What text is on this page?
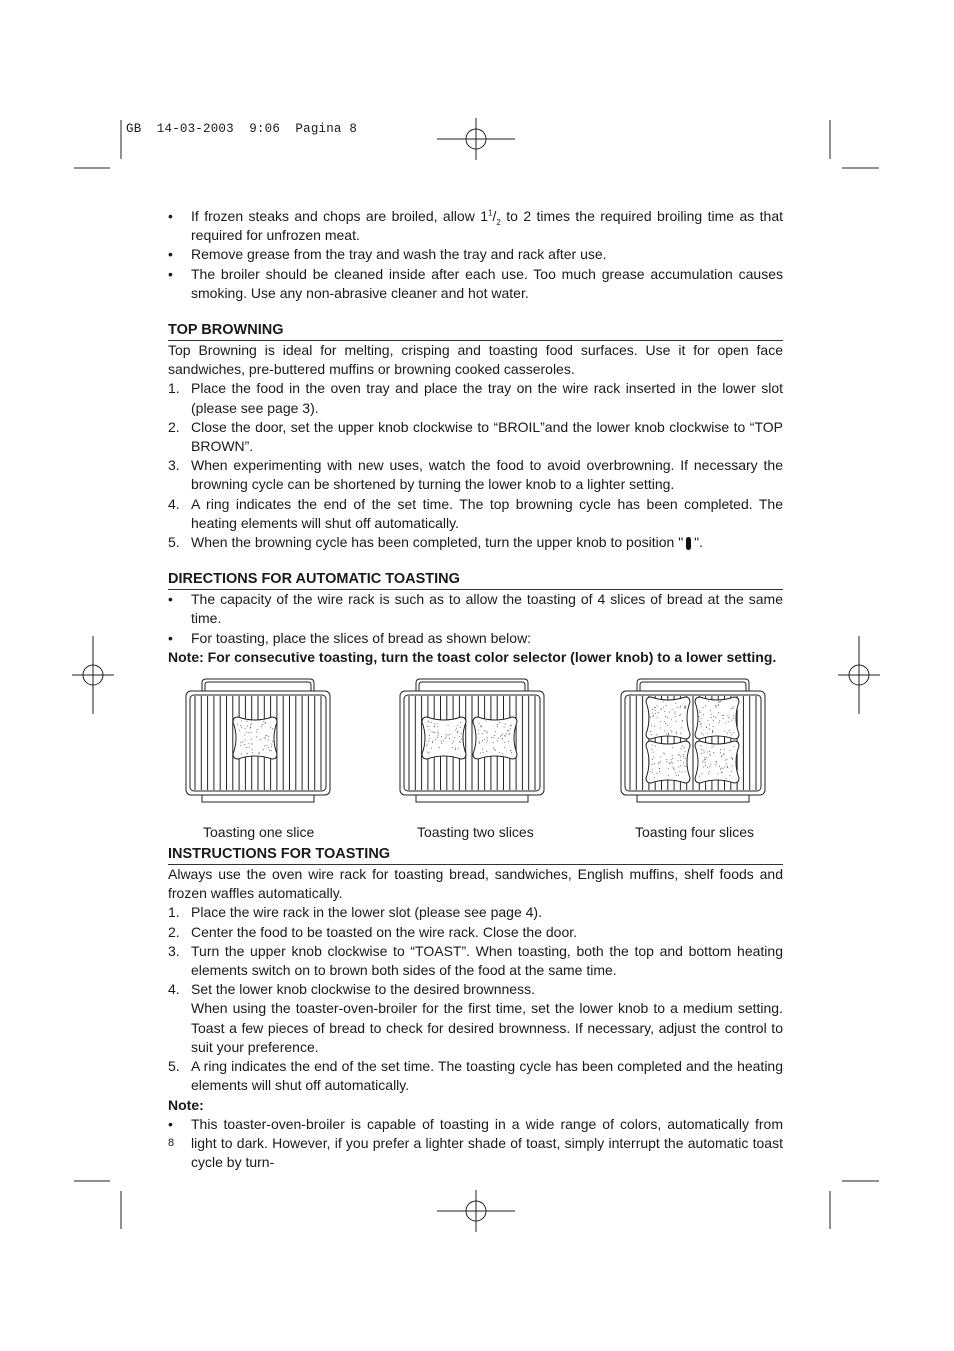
GB  14-03-2003  9:06  Pagina 8
• If frozen steaks and chops are broiled, allow $1^1/_2$ to 2 times the required broiling time as that required for unfrozen meat.
• Remove grease from the tray and wash the tray and rack after use.
• The broiler should be cleaned inside after each use. Too much grease accumulation causes smoking. Use any non-abrasive cleaner and hot water.
TOP BROWNING

Top Browning is ideal for melting, crisping and toasting food surfaces. Use it for open face sandwiches, pre-buttered muffins or browning cooked casseroles.

1. Place the food in the oven tray and place the tray on the wire rack inserted in the lower slot (please see page 3).
2. Close the door, set the upper knob clockwise to “BROIL”and the lower knob clockwise to “TOP BROWN”.
3. When experimenting with new uses, watch the food to avoid overbrowning. If necessary the browning cycle can be shortened by turning the lower knob to a lighter setting.
4. A ring indicates the end of the set time. The top browning cycle has been completed. The heating elements will shut off automatically.
5. When the browning cycle has been completed, turn the upper knob to position " ".
DIRECTIONS FOR AUTOMATIC TOASTING
• The capacity of the wire rack is such as to allow the toasting of 4 slices of bread at the same time.
• For toasting, place the slices of bread as shown below:

Note: For consecutive toasting, turn the toast color selector (lower knob) to a lower setting.

Toasting one slice	Toasting two slices	Toasting four slices
INSTRUCTIONS FOR TOASTING

Always use the oven wire rack for toasting bread, sandwiches, English muffins, shelf foods and frozen waffles automatically.

1. Place the wire rack in the lower slot (please see page 4).
2. Center the food to be toasted on the wire rack. Close the door.
3. Turn the upper knob clockwise to “TOAST”. When toasting, both the top and bottom heating elements switch on to brown both sides of the food at the same time.
4. Set the lower knob clockwise to the desired brownness.
When using the toaster-oven-broiler for the first time, set the lower knob to a medium setting. Toast a few pieces of bread to check for desired brownness. If necessary, adjust the control to suit your preference.
5. A ring indicates the end of the set time. The toasting cycle has been completed and the heating elements will shut off automatically.

Note:

• This toaster-oven-broiler is capable of toasting in a wide range of colors, automatically from light to dark. However, if you prefer a lighter shade of toast, simply interrupt the automatic toast cycle by turn-
8
